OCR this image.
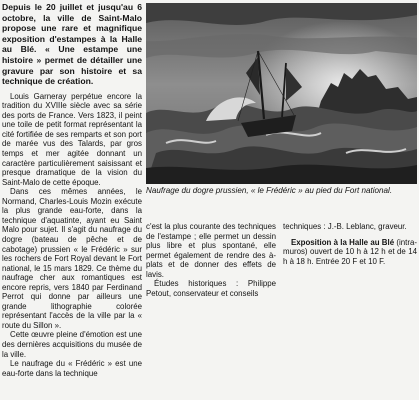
Depuis le 20 juillet et jusqu'au 6 octobre, la ville de Saint-Malo propose une rare et magnifique exposition d'estampes à la Halle au Blé. « Une estampe une histoire » permet de détailler une gravure par son histoire et sa technique de création.

Louis Garneray perpétue encore la tradition du XVIIIe siècle avec sa série des ports de France. Vers 1823, il peint une toile de petit format représentant la cité fortifiée de ses remparts et son port de marée vus des Talards, par gros temps et mer agitée donnant un caractère particulièrement saisissant et presque dramatique de la vision du Saint-Malo de cette époque.

Dans ces mêmes années, le Normand, Charles-Louis Mozin exécute la plus grande eau-forte, dans la technique d'aquatinte, ayant eu Saint Malo pour sujet. Il s'agit du naufrage du dogre (bateau de pêche et de cabotage) prussien « le Frédéric » sur les rochers de Fort Royal devant le Fort national, le 15 mars 1829. Ce thème du naufrage cher aux romantiques est encore repris, vers 1840 par Ferdinand Perrot qui donne par ailleurs une grande lithographie colorée représentant l'accès de la ville par la « route du Sillon ».

Cette œuvre pleine d'émotion est une des dernières acquisitions du musée de la ville.

Le naufrage du « Frédéric » est une eau-forte dans la technique

Naufrage du dogre prussien, « le Frédéric » au pied du Fort national.

c'est la plus courante des techniques de l'estampe ; elle permet un dessin plus libre et plus spontané, elle permet également de rendre des à-plats et de donner des effets de lavis.

Études historiques : Philippe Petout, conservateur et conseils

techniques : J.-B. Leblanc, graveur.

Exposition à la Halle au Blé (intra-muros) ouvert de 10 h à 12 h et de 14 h à 18 h. Entrée 20 F et 10 F.
